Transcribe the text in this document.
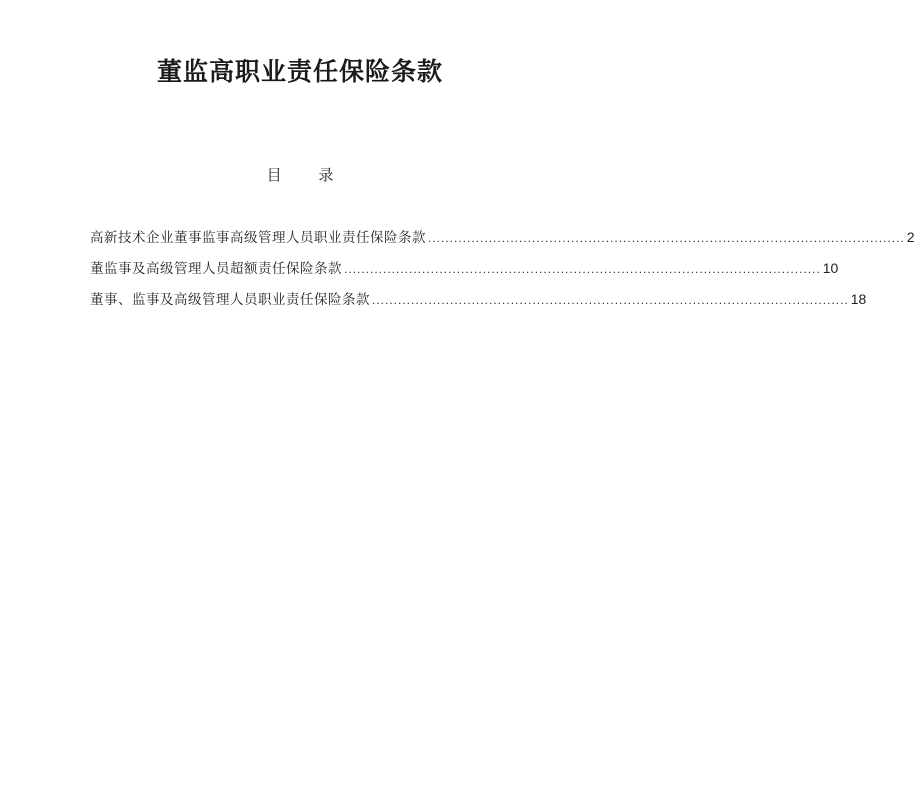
董监高职业责任保险条款
目 录
高新技术企业董事监事高级管理人员职业责任保险条款 .............................................................................................................. 2
董监事及高级管理人员超额责任保险条款 .............................................................................................................. 10
董事、监事及高级管理人员职业责任保险条款 .............................................................................................................. 18
